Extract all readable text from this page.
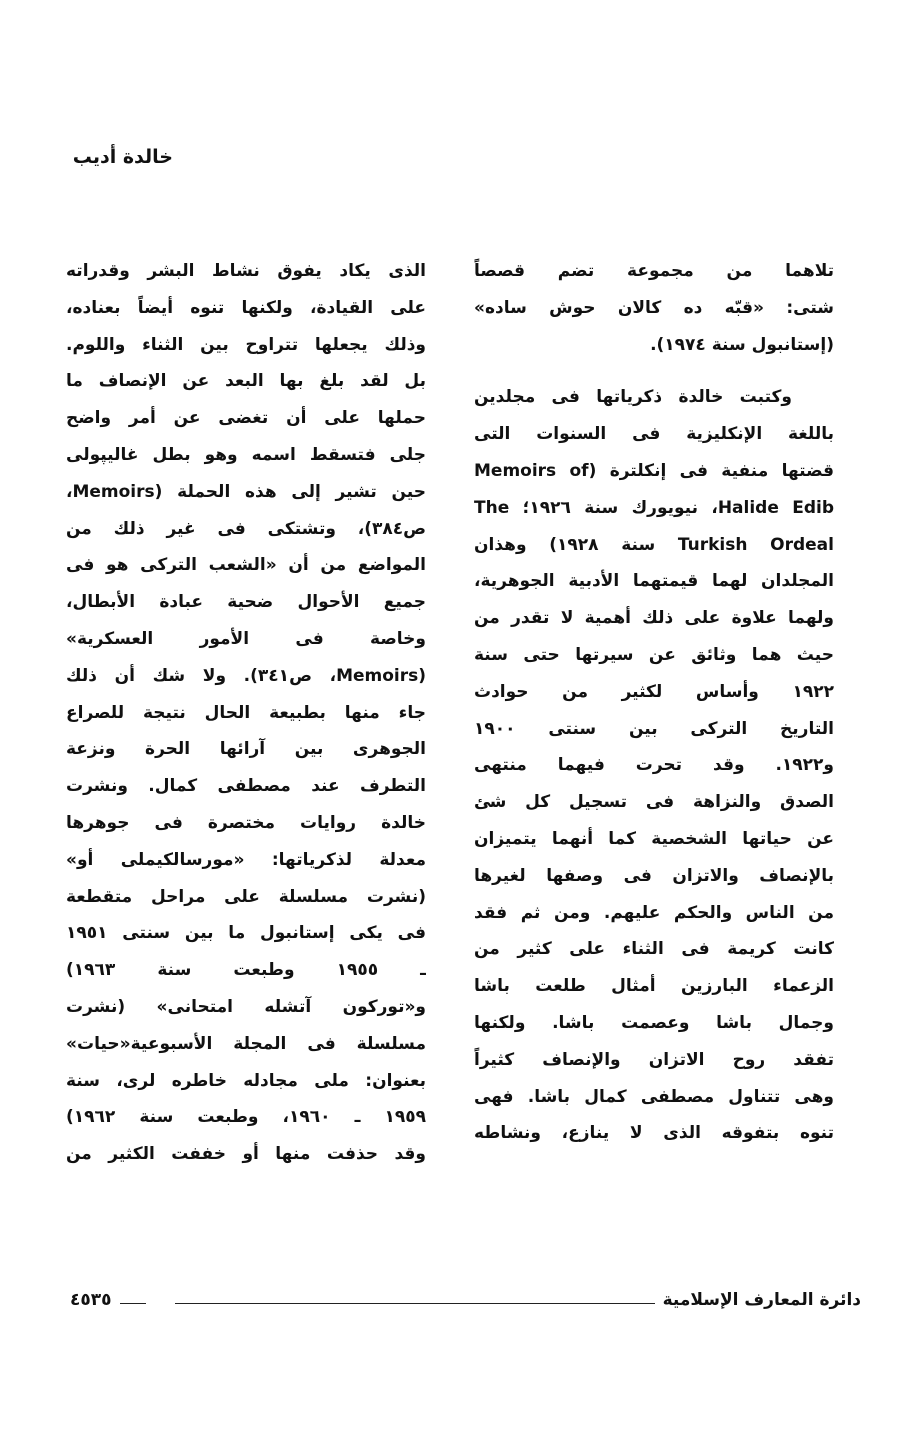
خالدة أديب
تلاهما من مجموعة تضم قصصاً
شتى: «قبّه ده كالان حوش ساده»
(إستانبول سنة ١٩٧٤).
وكتبت خالدة ذكرياتها فى مجلدين
باللغة الإنكليزية فى السنوات التى
قضتها منفية فى إنكلترة (Memoirs of
Halide Edib، نيويورك سنة ١٩٢٦؛ The
Turkish Ordeal سنة ١٩٢٨) وهذان
المجلدان لهما قيمتهما الأدبية الجوهرية،
ولهما علاوة على ذلك أهمية لا تقدر من
حيث هما وثائق عن سيرتها حتى سنة
١٩٢٢ وأساس لكثير من حوادث
التاريخ التركى بين سنتى ١٩٠٠
و١٩٢٢. وقد تحرت فيهما منتهى
الصدق والنزاهة فى تسجيل كل شئ
عن حياتها الشخصية كما أنهما يتميزان
بالإنصاف والاتزان فى وصفها لغيرها
من الناس والحكم عليهم. ومن ثم فقد
كانت كريمة فى الثناء على كثير من
الزعماء البارزين أمثال طلعت باشا
وجمال باشا وعصمت باشا. ولكنها
تفقد روح الاتزان والإنصاف كثيراً
وهى تتناول مصطفى كمال باشا. فهى
تنوه بتفوقه الذى لا ينازع، ونشاطه
الذى يكاد يفوق نشاط البشر وقدراته
على القيادة، ولكنها تنوه أيضاً بعناده،
وذلك يجعلها تتراوح بين الثناء واللوم.
بل لقد بلغ بها البعد عن الإنصاف ما
حملها على أن تغضى عن أمر واضح
جلى فتسقط اسمه وهو بطل غاليپولى
حين تشير إلى هذه الحملة (Memoirs،
ص٣٨٤)، وتشتكى فى غير ذلك من
المواضع من أن «الشعب التركى هو فى
جميع الأحوال ضحية عبادة الأبطال،
وخاصة فى الأمور العسكرية»
(Memoirs، ص٣٤١). ولا شك أن ذلك
جاء منها بطبيعة الحال نتيجة للصراع
الجوهرى بين آرائها الحرة ونزعة
التطرف عند مصطفى كمال. ونشرت
خالدة روايات مختصرة فى جوهرها
معدلة لذكرياتها: «مورسالكيملى أو»
(نشرت مسلسلة على مراحل متقطعة
فى يكى إستانبول ما بين سنتى ١٩٥١
ـ ١٩٥٥ وطبعت سنة ١٩٦٣)
و«توركون آتشله امتحانى» (نشرت
مسلسلة فى المجلة الأسبوعية«حيات»
بعنوان: ملى مجادله خاطره لرى، سنة
١٩٥٩ ـ ١٩٦٠، وطبعت سنة ١٩٦٢)
وقد حذفت منها أو خففت الكثير من
دائرة المعارف الإسلامية
٤٥٣٥
